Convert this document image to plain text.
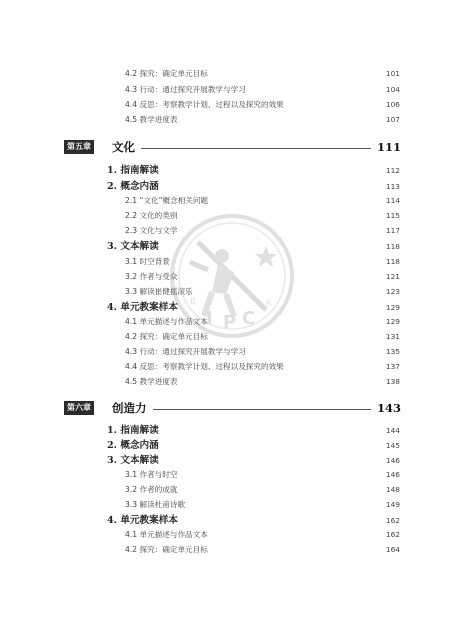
4.2 探究：确定单元目标	101
4.3 行动：通过探究开展教学与学习	104
4.4 反思：考察教学计划、过程以及探究的效果	106
4.5 教学进度表	107
第五章 文化	111
1. 指南解读	112
2. 概念内涵	113
2.1 “文化”概念相关问题	114
2.2 文化的类别	115
2.3 文化与文学	117
3. 文本解读	118
3.1 时空背景	118
3.2 作者与受众	121
3.3 解读崔健摇滚乐	123
4. 单元教案样本	129
4.1 单元描述与作品文本	129
4.2 探究：确定单元目标	131
4.3 行动：通过探究开展教学与学习	135
4.4 反思：考察教学计划、过程以及探究的效果	137
4.5 教学进度表	138
第六章 创造力	143
1. 指南解读	144
2. 概念内涵	145
3. 文本解读	146
3.1 作者与时空	146
3.2 作者的成就	148
3.3 解读杜甫诗歌	149
4. 单元教案样本	162
4.1 单元描述与作品文本	162
4.2 探究：确定单元目标	164
I P C
B	K
